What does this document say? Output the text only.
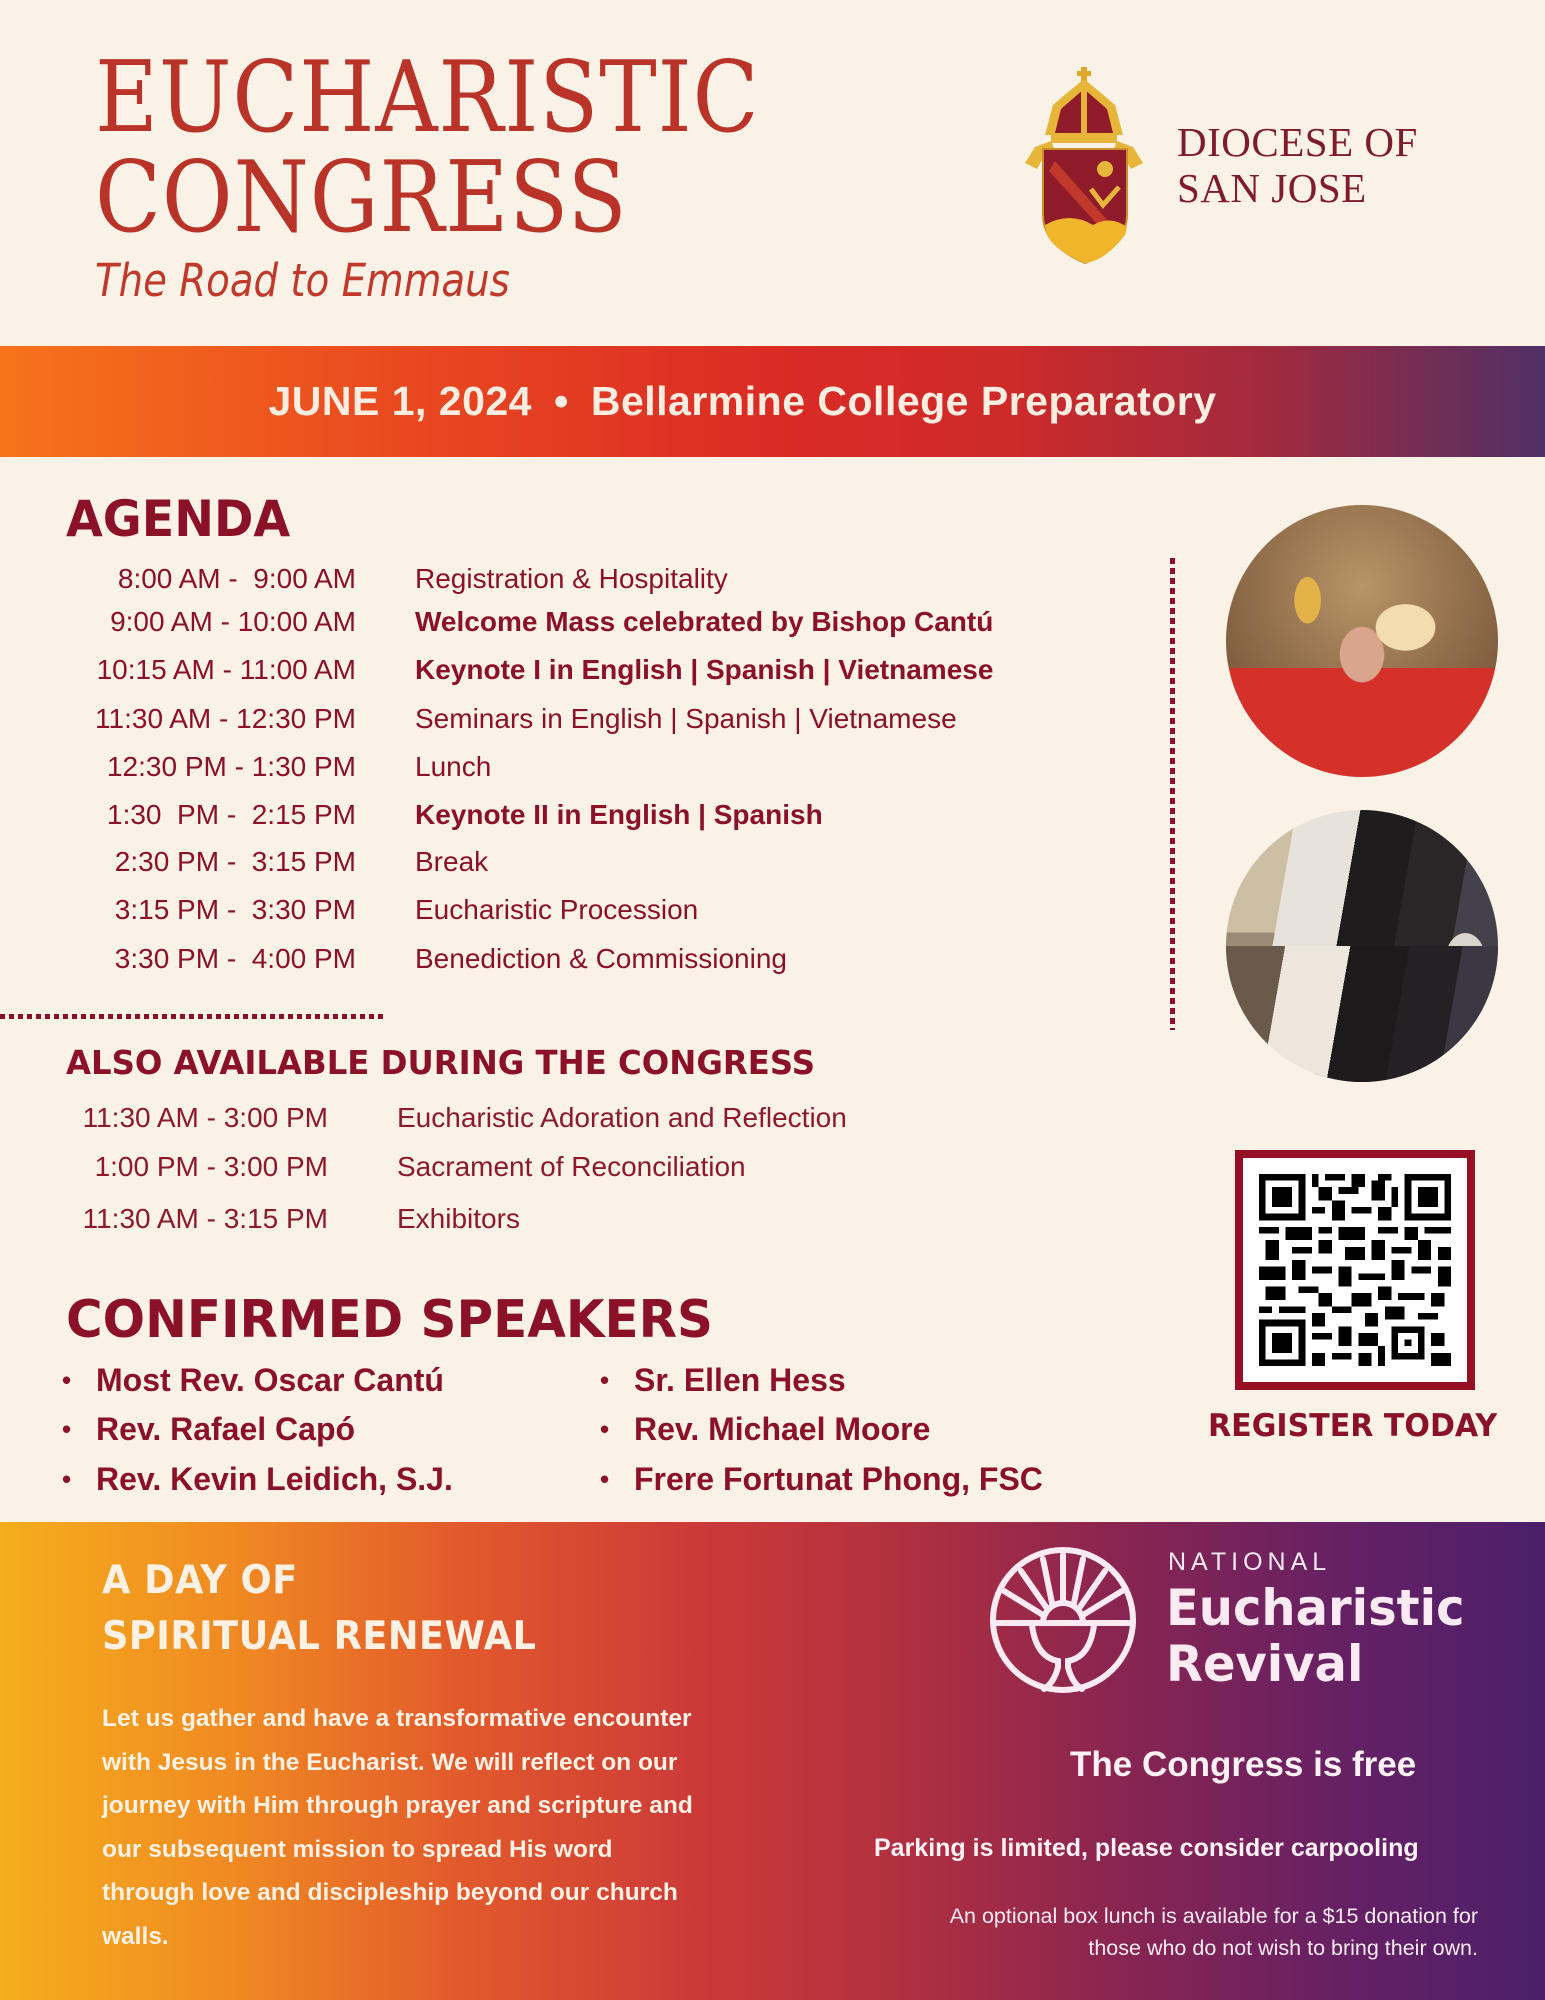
EUCHARISTIC
CONGRESS
The Road to Emmaus
DIOCESE OF
SAN JOSE
JUNE 1, 2024 • Bellarmine College Preparatory
AGENDA
8:00 AM -  9:00 AM Registration & Hospitality
9:00 AM - 10:00 AM Welcome Mass celebrated by Bishop Cantú
10:15 AM - 11:00 AM Keynote I in English | Spanish | Vietnamese
11:30 AM - 12:30 PM Seminars in English | Spanish | Vietnamese
12:30 PM - 1:30 PM Lunch
1:30  PM -  2:15 PM Keynote II in English | Spanish
2:30 PM -  3:15 PM Break
3:15 PM -  3:30 PM Eucharistic Procession
3:30 PM -  4:00 PM Benediction & Commissioning
ALSO AVAILABLE DURING THE CONGRESS
11:30 AM - 3:00 PM Eucharistic Adoration and Reflection
1:00 PM - 3:00 PM Sacrament of Reconciliation
11:30 AM - 3:15 PM Exhibitors
REGISTER TODAY
CONFIRMED SPEAKERS
• Most Rev. Oscar Cantú
• Rev. Rafael Capó
• Rev. Kevin Leidich, S.J.
• Sr. Ellen Hess
• Rev. Michael Moore
• Frere Fortunat Phong, FSC
A DAY OF
SPIRITUAL RENEWAL
Let us gather and have a transformative encounter with Jesus in the Eucharist. We will reflect on our journey with Him through prayer and scripture and our subsequent mission to spread His word through love and discipleship beyond our church walls.
NATIONAL
Eucharistic
Revival
The Congress is free
Parking is limited, please consider carpooling
An optional box lunch is available for a $15 donation for
those who do not wish to bring their own.
